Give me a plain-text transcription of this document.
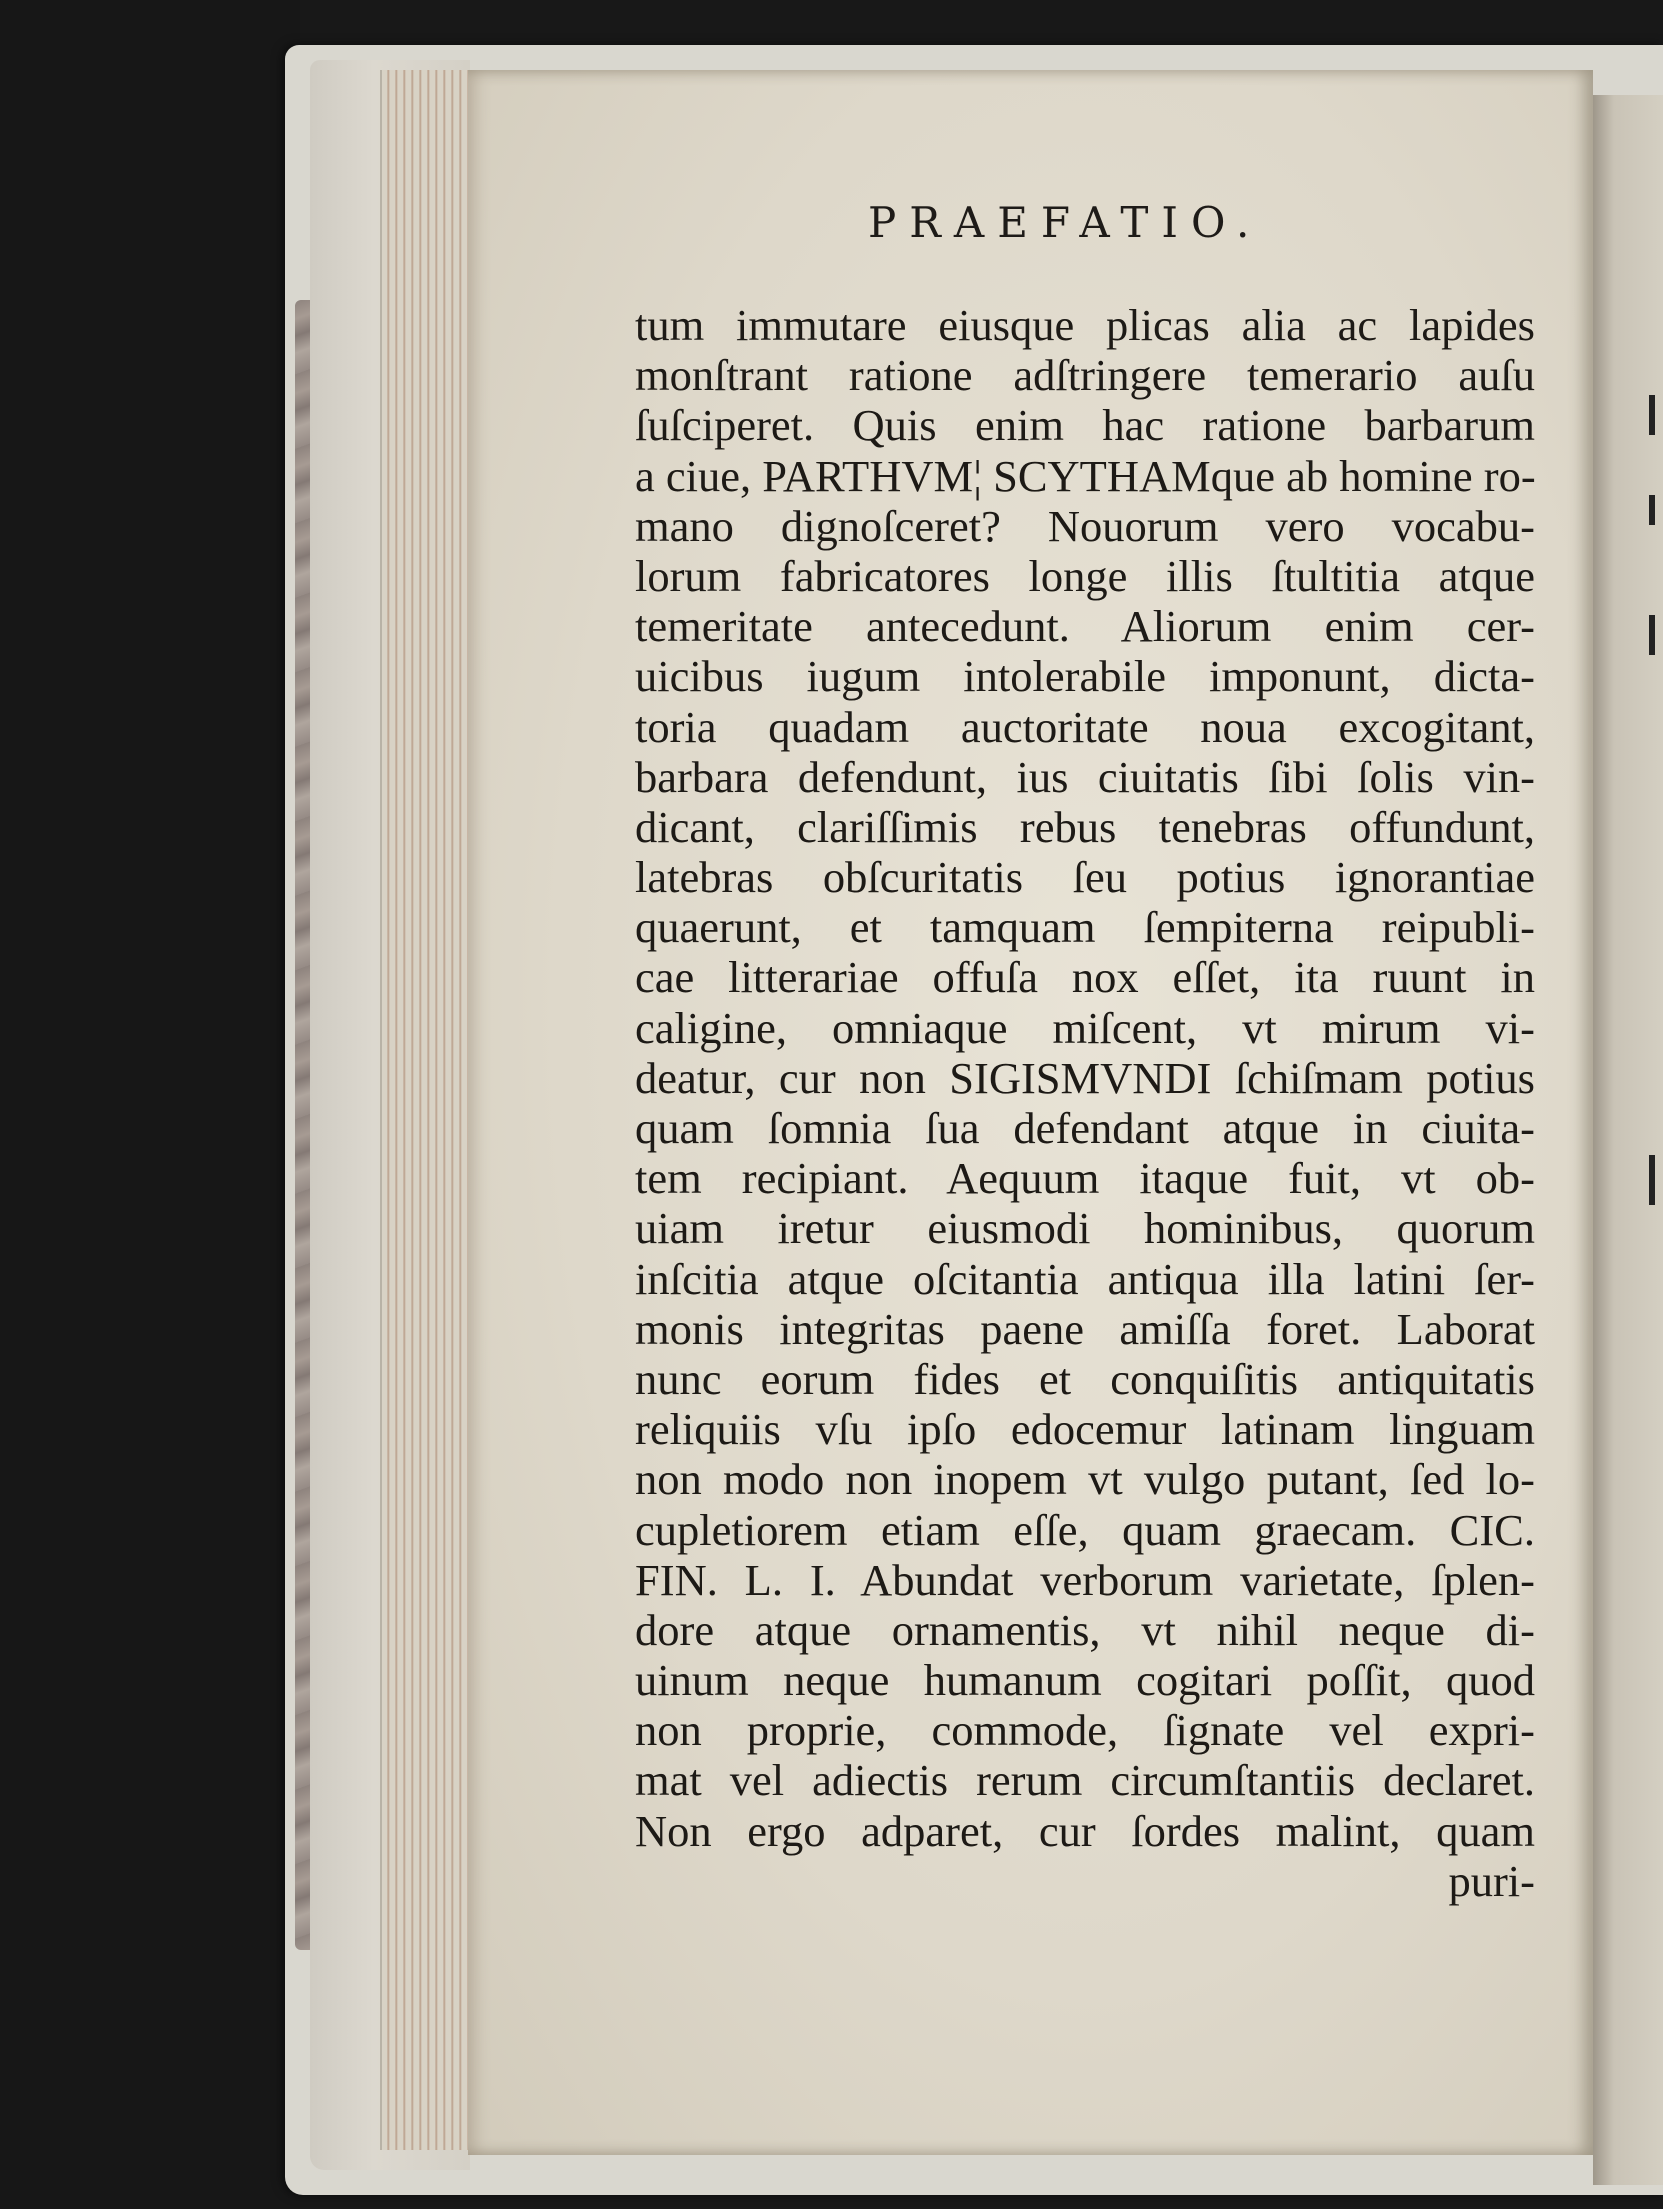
PRAEFATIO.
tum immutare eiusque plicas alia ac lapides
monſtrant ratione adſtringere temerario auſu
ſuſciperet. Quis enim hac ratione barbarum
a ciue, PARTHVM¦ SCYTHAMque ab homine ro-
mano dignoſceret? Nouorum vero vocabu-
lorum fabricatores longe illis ſtultitia atque
temeritate antecedunt. Aliorum enim cer-
uicibus iugum intolerabile imponunt, dicta-
toria quadam auctoritate noua excogitant,
barbara defendunt, ius ciuitatis ſibi ſolis vin-
dicant, clariſſimis rebus tenebras offundunt,
latebras obſcuritatis ſeu potius ignorantiae
quaerunt, et tamquam ſempiterna reipubli-
cae litterariae offuſa nox eſſet, ita ruunt in
caligine, omniaque miſcent, vt mirum vi-
deatur, cur non SIGISMVNDI ſchiſmam potius
quam ſomnia ſua defendant atque in ciuita-
tem recipiant. Aequum itaque fuit, vt ob-
uiam iretur eiusmodi hominibus, quorum
inſcitia atque oſcitantia antiqua illa latini ſer-
monis integritas paene amiſſa foret. Laborat
nunc eorum fides et conquiſitis antiquitatis
reliquiis vſu ipſo edocemur latinam linguam
non modo non inopem vt vulgo putant, ſed lo-
cupletiorem etiam eſſe, quam graecam. CIC.
FIN. L. I. Abundat verborum varietate, ſplen-
dore atque ornamentis, vt nihil neque di-
uinum neque humanum cogitari poſſit, quod
non proprie, commode, ſignate vel expri-
mat vel adiectis rerum circumſtantiis declaret.
Non ergo adparet, cur ſordes malint, quam
puri-
